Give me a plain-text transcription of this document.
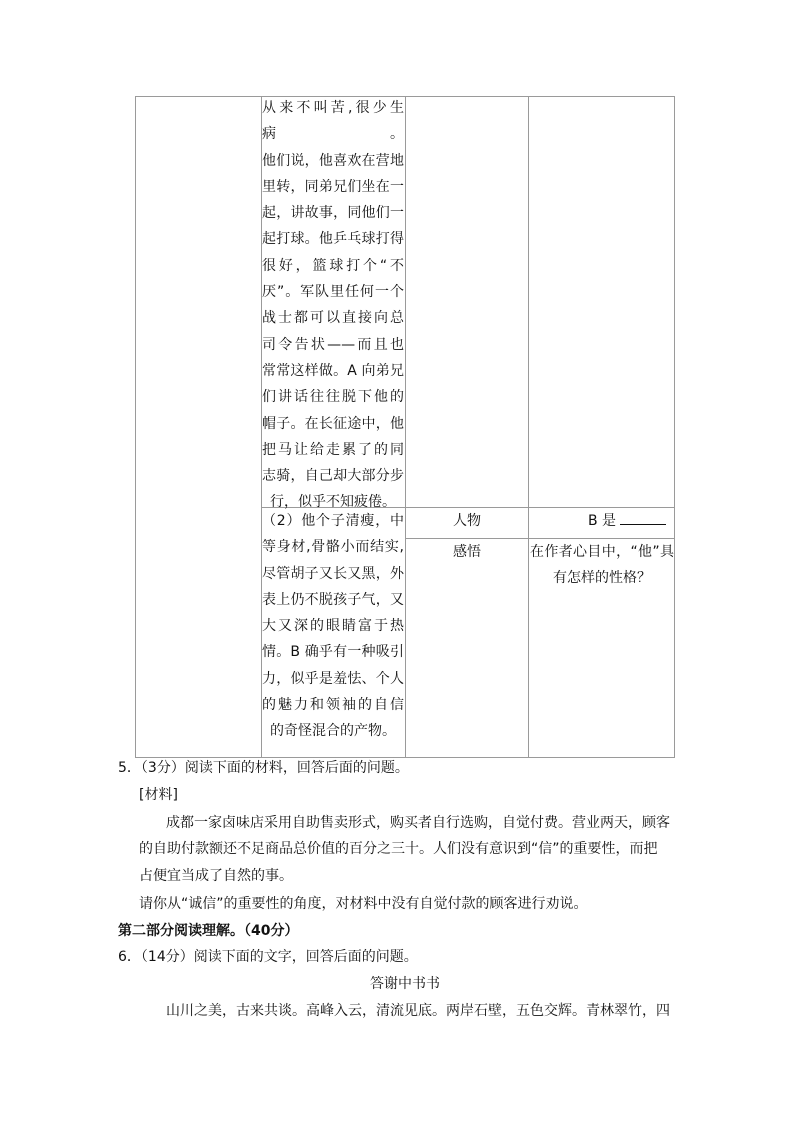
从来不叫苦,很少生病。
他们说，他喜欢在营地
里转，同弟兄们坐在一
起，讲故事，同他们一
起打球。他乒乓球打得
很好，篮球打个“不
厌”。军队里任何一个
战士都可以直接向总
司令告状——而且也
常常这样做。A 向弟兄
们讲话往往脱下他的
帽子。在长征途中，他
把马让给走累了的同
志骑，自己却大部分步
行，似乎不知疲倦。
（2）他个子清瘦，中
等身材,骨骼小而结实,
尽管胡子又长又黑，外
表上仍不脱孩子气，又
大又深的眼睛富于热
情。B 确乎有一种吸引
力，似乎是羞怯、个人
的魅力和领袖的自信
的奇怪混合的产物。
人物	B 是
感悟	在作者心目中，“他”具
有怎样的性格？
5．（3分）阅读下面的材料，回答后面的问题。
[材料]
成都一家卤味店采用自助售卖形式，购买者自行选购，自觉付费。营业两天，顾客
的自助付款额还不足商品总价值的百分之三十。人们没有意识到“信”的重要性，而把
占便宜当成了自然的事。
请你从“诚信”的重要性的角度，对材料中没有自觉付款的顾客进行劝说。
第二部分阅读理解。（40分）
6．（14分）阅读下面的文字，回答后面的问题。
答谢中书书
山川之美，古来共谈。高峰入云，清流见底。两岸石壁，五色交辉。青林翠竹，四
